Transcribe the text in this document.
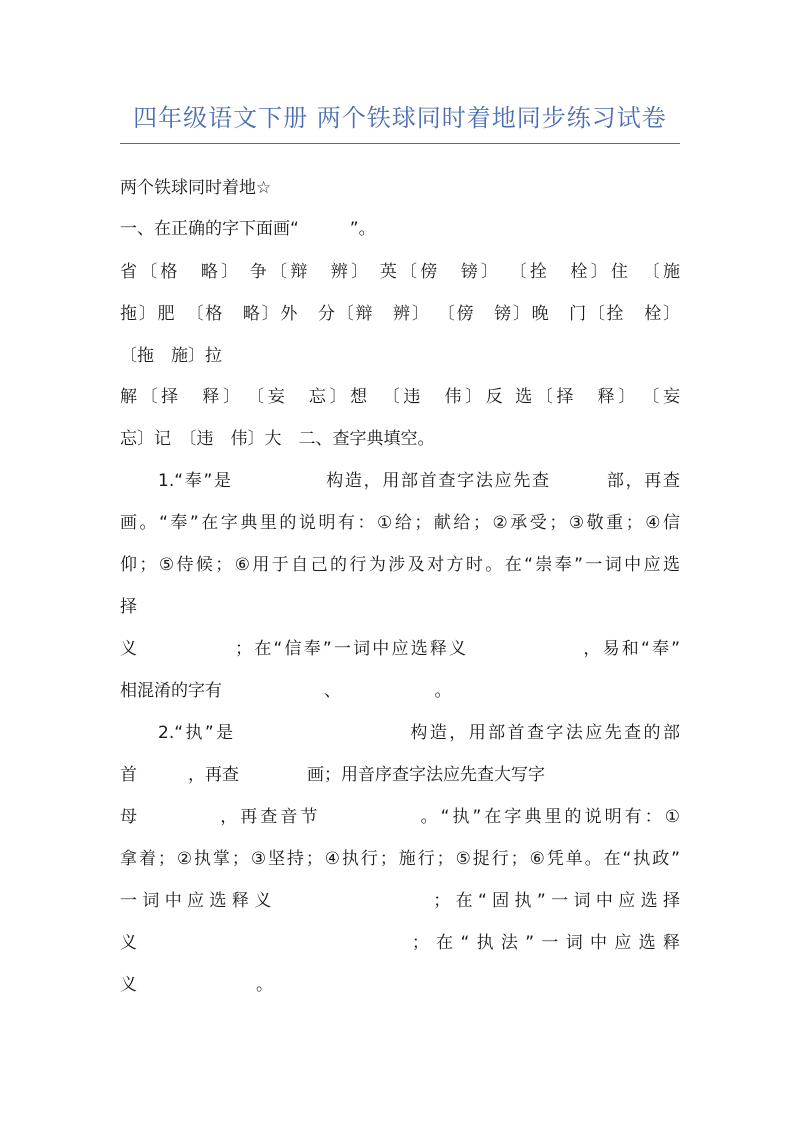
四年级语文下册 两个铁球同时着地同步练习试卷
两个铁球同时着地☆
一、在正确的字下面画“　　　”。
省〔格　略〕 争〔辩　辨〕 英〔傍　镑〕 〔拴　栓〕住　〔施
拖〕肥　〔格　略〕外　分〔辩　辨〕 〔傍　镑〕晚　门〔拴　栓〕
〔拖　施〕拉
解〔择　释〕　〔妄　忘〕想　〔违　伟〕反 选〔择　释〕　〔妄
忘〕记　〔违　伟〕大　二、查字典填空。
1.“奉”是　　　　　构造，用部首查字法应先查　　　部，再查
画。“奉”在字典里的说明有：①给；献给；②承受；③敬重；④信
仰；⑤侍候；⑥用于自己的行为涉及对方时。在“崇奉”一词中应选
择
义　　　　　；在“信奉”一词中应选释义　　　　　　，易和“奉”
相混淆的字有　　　　　　、　　　　　　。
2.“执”是　　　　　　　　　构造，用部首查字法应先查的部
首　　　，再查　　　　画；用音序查字法应先查大写字
母　　　　，再查音节　　　　　。“执”在字典里的说明有：①
拿着；②执掌；③坚持；④执行；施行；⑤捉行；⑥凭单。在“执政”
一词中应选释义　　　　　　　；在“固执”一词中应选择
义　　　　　　　　　　　；在“执法”一词中应选释
义　　　　　　　。
